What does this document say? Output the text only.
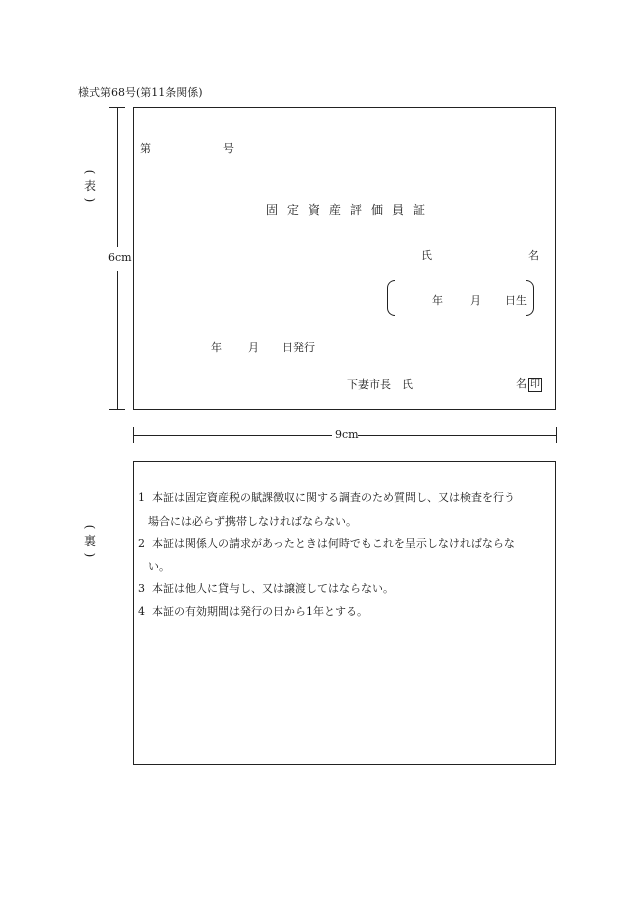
様式第68号(第11条関係)
(
表
)
6cm
第	号
固定資産評価員証
氏	名
年 月 日生
年 月 日発行
下妻市長　氏	名 印
9cm
(
裏
)
1 本証は固定資産税の賦課徴収に関する調査のため質問し、又は検査を行う
場合には必らず携帯しなければならない。
2 本証は関係人の請求があったときは何時でもこれを呈示しなければならな
い。
3 本証は他人に貸与し、又は譲渡してはならない。
4 本証の有効期間は発行の日から1年とする。
